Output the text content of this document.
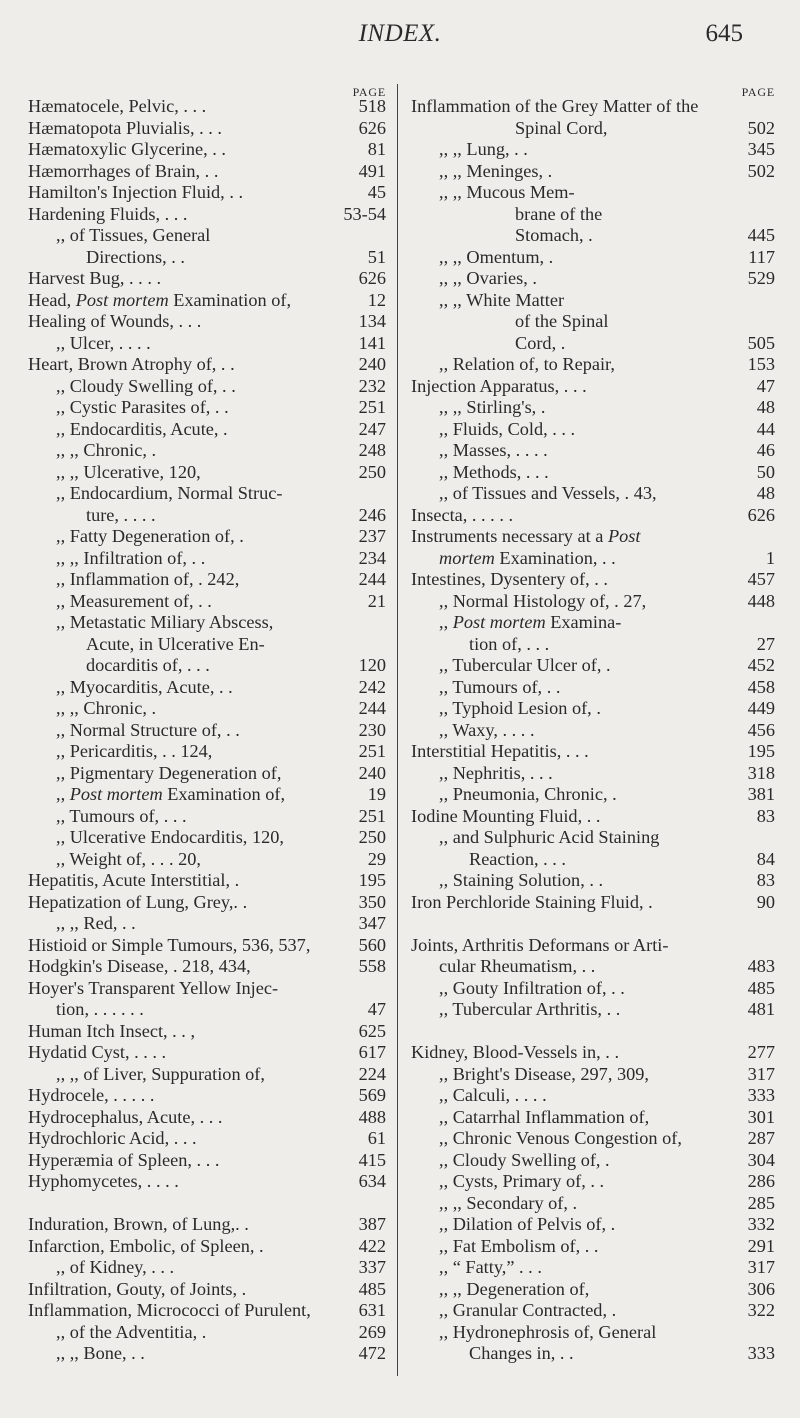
INDEX.	645
PAGE
Hæmatocele, Pelvic, . . .	518
Hæmatopota Pluvialis, . . .	626
Hæmatoxylic Glycerine, . .	81
Hæmorrhages of Brain, . .	491
Hamilton's Injection Fluid, . .	45
Hardening Fluids, . . .	53-54
,, of Tissues, General
Directions, . .	51
Harvest Bug, . . . .	626
Head, Post mortem Examination of,	12
Healing of Wounds, . . .	134
,, Ulcer, . . . .	141
Heart, Brown Atrophy of, . .	240
,, Cloudy Swelling of, . .	232
,, Cystic Parasites of, . .	251
,, Endocarditis, Acute, .	247
,, ,, Chronic, .	248
,, ,, Ulcerative, 120,	250
,, Endocardium, Normal Struc-
ture, . . . .	246
,, Fatty Degeneration of, .	237
,, ,, Infiltration of, . .	234
,, Inflammation of, . 242,	244
,, Measurement of, . .	21
,, Metastatic Miliary Abscess,
Acute, in Ulcerative En-
docarditis of, . . .	120
,, Myocarditis, Acute, . .	242
,, ,, Chronic, .	244
,, Normal Structure of, . .	230
,, Pericarditis, . . 124,	251
,, Pigmentary Degeneration of,	240
,, Post mortem Examination of,	19
,, Tumours of, . . .	251
,, Ulcerative Endocarditis, 120,	250
,, Weight of, . . . 20,	29
Hepatitis, Acute Interstitial, .	195
Hepatization of Lung, Grey,. .	350
,, ,, Red, . .	347
Histioid or Simple Tumours, 536, 537,	560
Hodgkin's Disease, . 218, 434,	558
Hoyer's Transparent Yellow Injec-
tion, . . . . . .	47
Human Itch Insect, . . ,	625
Hydatid Cyst, . . . .	617
,, ,, of Liver, Suppuration of,	224
Hydrocele, . . . . .	569
Hydrocephalus, Acute, . . .	488
Hydrochloric Acid, . . .	61
Hyperæmia of Spleen, . . .	415
Hyphomycetes, . . . .	634
Induration, Brown, of Lung,. .	387
Infarction, Embolic, of Spleen, .	422
,, of Kidney, . . .	337
Infiltration, Gouty, of Joints, .	485
Inflammation, Micrococci of Purulent,	631
,, of the Adventitia, .	269
,, ,, Bone, . .	472
PAGE
Inflammation of the Grey Matter of the
Spinal Cord,	502
,, ,, Lung, . .	345
,, ,, Meninges, .	502
,, ,, Mucous Mem-
brane of the
Stomach, .	445
,, ,, Omentum, .	117
,, ,, Ovaries, .	529
,, ,, White Matter
of the Spinal
Cord, .	505
,, Relation of, to Repair,	153
Injection Apparatus, . . .	47
,, ,, Stirling's, .	48
,, Fluids, Cold, . . .	44
,, Masses, . . . .	46
,, Methods, . . .	50
,, of Tissues and Vessels, . 43,	48
Insecta, . . . . .	626
Instruments necessary at a Post
mortem Examination, . .	1
Intestines, Dysentery of, . .	457
,, Normal Histology of, . 27,	448
,, Post mortem Examina-
tion of, . . .	27
,, Tubercular Ulcer of, .	452
,, Tumours of, . .	458
,, Typhoid Lesion of, .	449
,, Waxy, . . . .	456
Interstitial Hepatitis, . . .	195
,, Nephritis, . . .	318
,, Pneumonia, Chronic, .	381
Iodine Mounting Fluid, . .	83
,, and Sulphuric Acid Staining
Reaction, . . .	84
,, Staining Solution, . .	83
Iron Perchloride Staining Fluid, .	90
Joints, Arthritis Deformans or Arti-
cular Rheumatism, . .	483
,, Gouty Infiltration of, . .	485
,, Tubercular Arthritis, . .	481
Kidney, Blood-Vessels in, . .	277
,, Bright's Disease, 297, 309,	317
,, Calculi, . . . .	333
,, Catarrhal Inflammation of,	301
,, Chronic Venous Congestion of,	287
,, Cloudy Swelling of, .	304
,, Cysts, Primary of, . .	286
,, ,, Secondary of, .	285
,, Dilation of Pelvis of, .	332
,, Fat Embolism of, . .	291
,, “ Fatty,” . . .	317
,, ,, Degeneration of,	306
,, Granular Contracted, .	322
,, Hydronephrosis of, General
Changes in, . .	333
